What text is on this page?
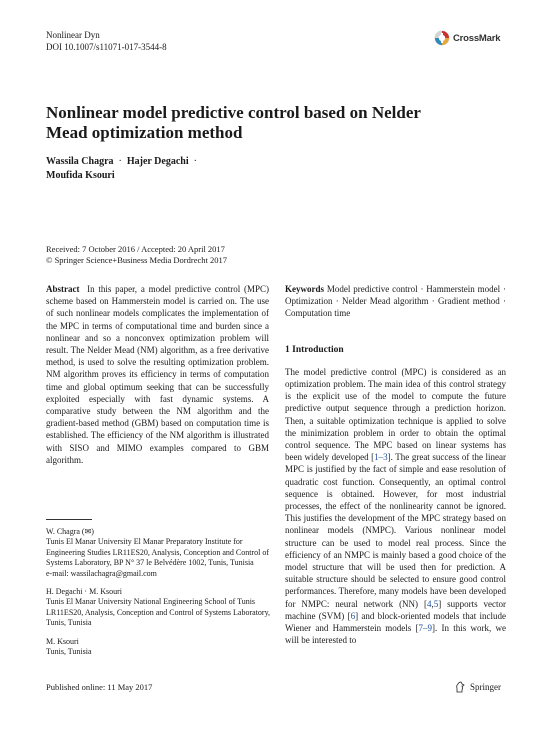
Nonlinear Dyn
DOI 10.1007/s11071-017-3544-8
CrossMark
Nonlinear model predictive control based on Nelder Mead optimization method
Wassila Chagra · Hajer Degachi ·
Moufida Ksouri
Received: 7 October 2016 / Accepted: 20 April 2017
© Springer Science+Business Media Dordrecht 2017

Abstract In this paper, a model predictive control (MPC) scheme based on Hammerstein model is carried on. The use of such nonlinear models complicates the implementation of the MPC in terms of computational time and burden since a nonlinear and so a nonconvex optimization problem will result. The Nelder Mead (NM) algorithm, as a free derivative method, is used to solve the resulting optimization problem. NM algorithm proves its efficiency in terms of computation time and global optimum seeking that can be successfully exploited especially with fast dynamic systems. A comparative study between the NM algorithm and the gradient-based method (GBM) based on computation time is established. The efficiency of the NM algorithm is illustrated with SISO and MIMO examples compared to GBM algorithm.

W. Chagra (✉)
Tunis El Manar University El Manar Preparatory Institute for Engineering Studies LR11ES20, Analysis, Conception and Control of Systems Laboratory, BP N° 37 le Belvédère 1002, Tunis, Tunisia
e-mail: wassilachagra@gmail.com

H. Degachi · M. Ksouri
Tunis El Manar University National Engineering School of Tunis LR11ES20, Analysis, Conception and Control of Systems Laboratory, Tunis, Tunisia

M. Ksouri
Tunis, Tunisia

Keywords Model predictive control · Hammerstein model · Optimization · Nelder Mead algorithm · Gradient method · Computation time

1 Introduction

The model predictive control (MPC) is considered as an optimization problem. The main idea of this control strategy is the explicit use of the model to compute the future predictive output sequence through a prediction horizon. Then, a suitable optimization technique is applied to solve the minimization problem in order to obtain the optimal control sequence. The MPC based on linear systems has been widely developed [1–3]. The great success of the linear MPC is justified by the fact of simple and ease resolution of quadratic cost function. Consequently, an optimal control sequence is obtained. However, for most industrial processes, the effect of the nonlinearity cannot be ignored. This justifies the development of the MPC strategy based on nonlinear models (NMPC). Various nonlinear model structure can be used to model real process. Since the efficiency of an NMPC is mainly based a good choice of the model structure that will be used then for prediction. A suitable structure should be selected to ensure good control performances. Therefore, many models have been developed for NMPC: neural network (NN) [4,5] supports vector machine (SVM) [6] and block-oriented models that include Wiener and Hammerstein models [7–9]. In this work, we will be interested to

Published online: 11 May 2017	Springer
